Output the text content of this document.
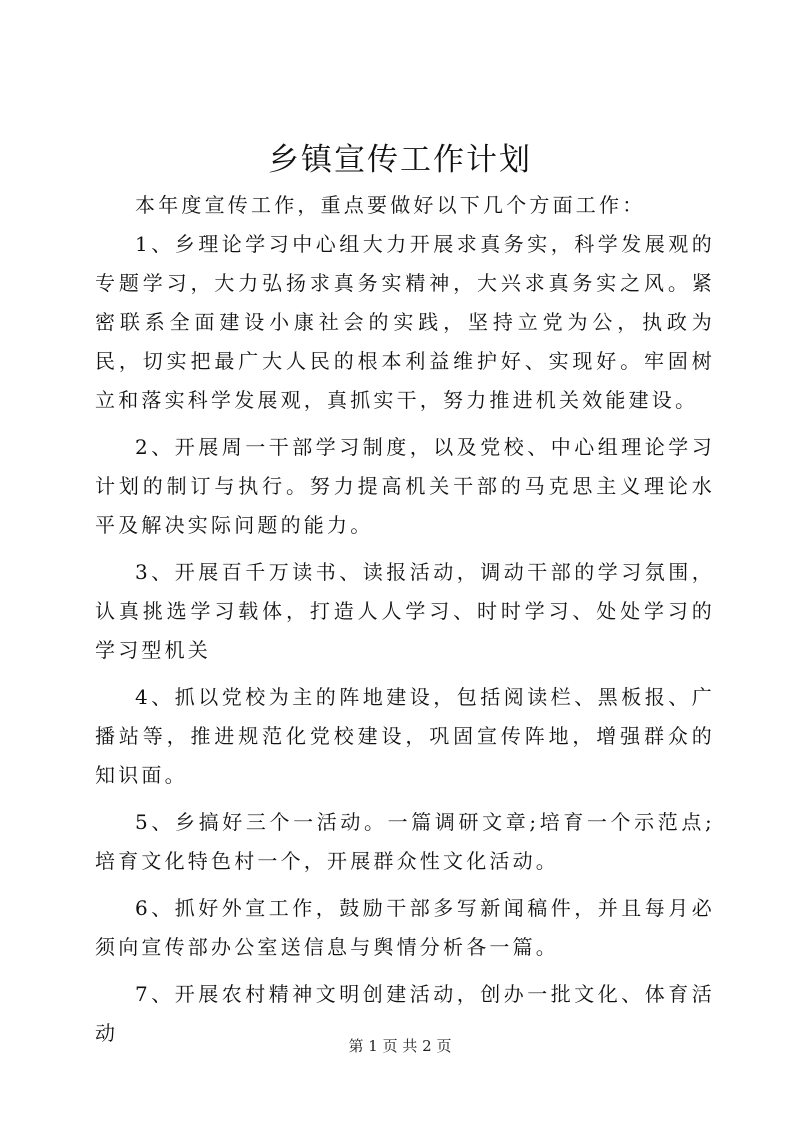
乡镇宣传工作计划

本年度宣传工作，重点要做好以下几个方面工作：

1、乡理论学习中心组大力开展求真务实，科学发展观的专题学习，大力弘扬求真务实精神，大兴求真务实之风。紧密联系全面建设小康社会的实践，坚持立党为公，执政为民，切实把最广大人民的根本利益维护好、实现好。牢固树立和落实科学发展观，真抓实干，努力推进机关效能建设。

2、开展周一干部学习制度，以及党校、中心组理论学习计划的制订与执行。努力提高机关干部的马克思主义理论水平及解决实际问题的能力。

3、开展百千万读书、读报活动，调动干部的学习氛围，认真挑选学习载体，打造人人学习、时时学习、处处学习的学习型机关

4、抓以党校为主的阵地建设，包括阅读栏、黑板报、广播站等，推进规范化党校建设，巩固宣传阵地，增强群众的知识面。

5、乡搞好三个一活动。一篇调研文章;培育一个示范点;培育文化特色村一个，开展群众性文化活动。

6、抓好外宣工作，鼓励干部多写新闻稿件，并且每月必须向宣传部办公室送信息与舆情分析各一篇。

7、开展农村精神文明创建活动，创办一批文化、体育活动

第 1 页 共 2 页
